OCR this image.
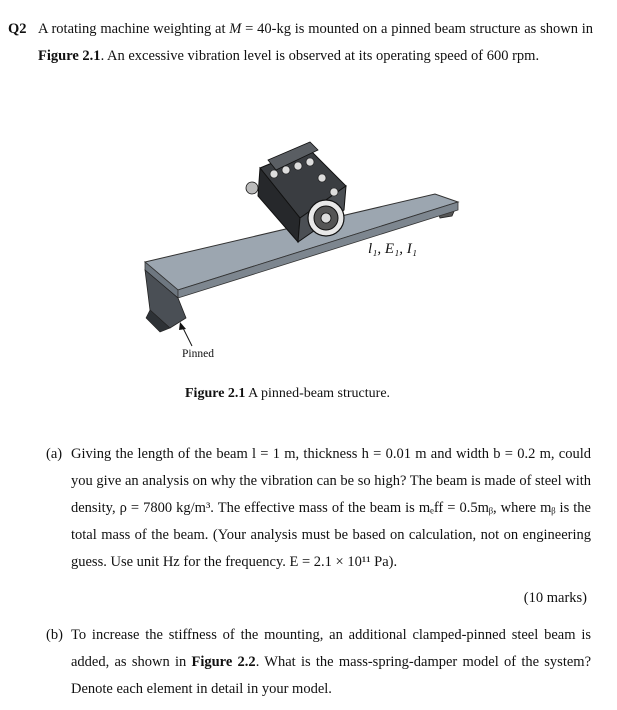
Q2 A rotating machine weighting at M = 40-kg is mounted on a pinned beam structure as shown in Figure 2.1. An excessive vibration level is observed at its operating speed of 600 rpm.
l₁, E₁, I₁
Pinned
Figure 2.1 A pinned-beam structure.
(a) Giving the length of the beam l = 1 m, thickness h = 0.01 m and width b = 0.2 m, could you give an analysis on why the vibration can be so high? The beam is made of steel with density, ρ = 7800 kg/m³. The effective mass of the beam is mₑff = 0.5mᵦ, where mᵦ is the total mass of the beam. (Your analysis must be based on calculation, not on engineering guess. Use unit Hz for the frequency. E = 2.1 × 10¹¹ Pa).
(10 marks)
(b) To increase the stiffness of the mounting, an additional clamped-pinned steel beam is added, as shown in Figure 2.2. What is the mass-spring-damper model of the system? Denote each element in detail in your model.
